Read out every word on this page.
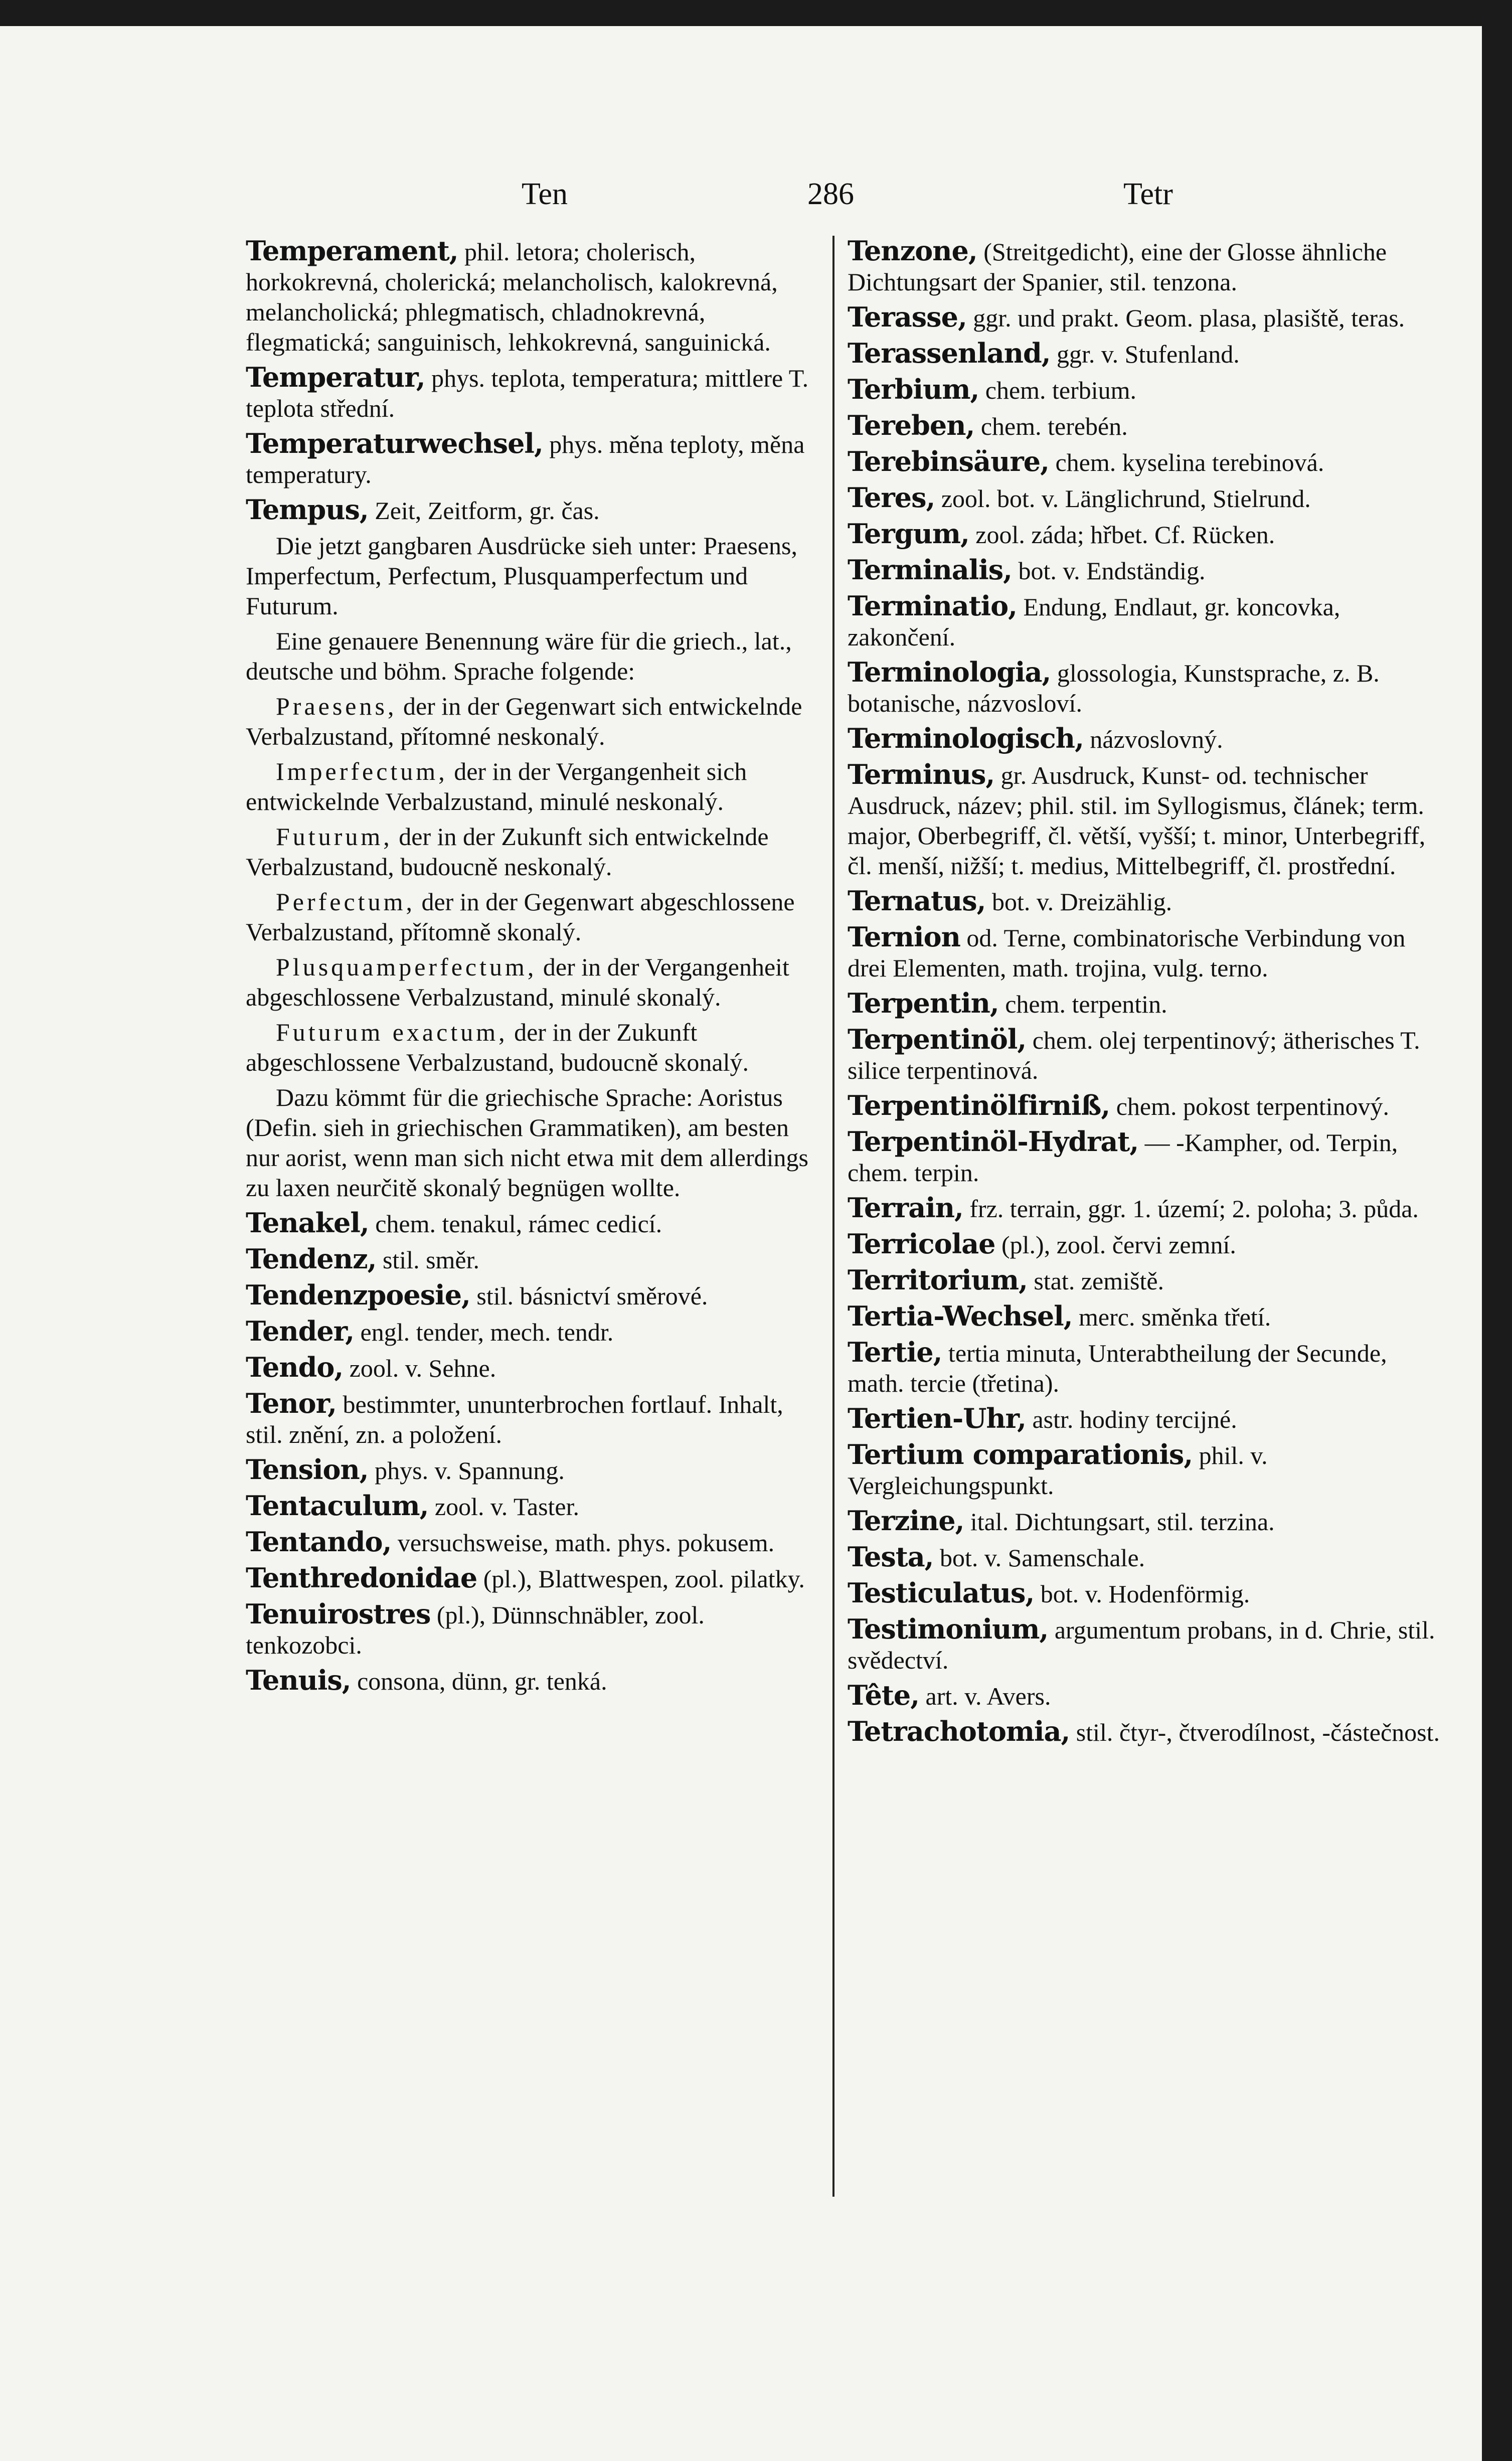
Ten	286	Tetr
Temperament, phil. letora; cholerisch, horkokrevná, cholerická; melancholisch, kalokrevná, melancholická; phlegmatisch, chladnokrevná, flegmatická; sanguinisch, lehkokrevná, sanguinická.
Temperatur, phys. teplota, temperatura; mittlere T. teplota střední.
Temperaturwechsel, phys. měna teploty, měna temperatury.
Tempus, Zeit, Zeitform, gr. čas.
Die jetzt gangbaren Ausdrücke sieh unter: Praesens, Imperfectum, Perfectum, Plusquamperfectum und Futurum.
Eine genauere Benennung wäre für die griech., lat., deutsche und böhm. Sprache folgende:
Praesens, der in der Gegenwart sich entwickelnde Verbalzustand, přítomné neskonalý.
Imperfectum, der in der Vergangenheit sich entwickelnde Verbalzustand, minulé neskonalý.
Futurum, der in der Zukunft sich entwickelnde Verbalzustand, budoucně neskonalý.
Perfectum, der in der Gegenwart abgeschlossene Verbalzustand, přítomně skonalý.
Plusquamperfectum, der in der Vergangenheit abgeschlossene Verbalzustand, minulé skonalý.
Futurum exactum, der in der Zukunft abgeschlossene Verbalzustand, budoucně skonalý.
Dazu kömmt für die griechische Sprache: Aoristus (Defin. sieh in griechischen Grammatiken), am besten nur aorist, wenn man sich nicht etwa mit dem allerdings zu laxen neurčitě skonalý begnügen wollte.
Tenakel, chem. tenakul, rámec cedicí.
Tendenz, stil. směr.
Tendenzpoesie, stil. básnictví směrové.
Tender, engl. tender, mech. tendr.
Tendo, zool. v. Sehne.
Tenor, bestimmter, ununterbrochen fortlauf. Inhalt, stil. znění, zn. a položení.
Tension, phys. v. Spannung.
Tentaculum, zool. v. Taster.
Tentando, versuchsweise, math. phys. pokusem.
Tenthredonidae (pl.), Blattwespen, zool. pilatky.
Tenuirostres (pl.), Dünnschnäbler, zool. tenkozobci.
Tenuis, consona, dünn, gr. tenká.
Tenzone, (Streitgedicht), eine der Glosse ähnliche Dichtungsart der Spanier, stil. tenzona.
Terasse, ggr. und prakt. Geom. plasa, plasiště, teras.
Terassenland, ggr. v. Stufenland.
Terbium, chem. terbium.
Tereben, chem. terebén.
Terebinsäure, chem. kyselina terebinová.
Teres, zool. bot. v. Länglichrund, Stielrund.
Tergum, zool. záda; hřbet. Cf. Rücken.
Terminalis, bot. v. Endständig.
Terminatio, Endung, Endlaut, gr. koncovka, zakončení.
Terminologia, glossologia, Kunstsprache, z. B. botanische, názvosloví.
Terminologisch, názvoslovný.
Terminus, gr. Ausdruck, Kunst- od. technischer Ausdruck, název; phil. stil. im Syllogismus, článek; term. major, Oberbegriff, čl. větší, vyšší; t. minor, Unterbegriff, čl. menší, nižší; t. medius, Mittelbegriff, čl. prostřední.
Ternatus, bot. v. Dreizählig.
Ternion od. Terne, combinatorische Verbindung von drei Elementen, math. trojina, vulg. terno.
Terpentin, chem. terpentin.
Terpentinöl, chem. olej terpentinový; ätherisches T. silice terpentinová.
Terpentinölfirniß, chem. pokost terpentinový.
Terpentinöl-Hydrat, — -Kampher, od. Terpin, chem. terpin.
Terrain, frz. terrain, ggr. 1. území; 2. poloha; 3. půda.
Terricolae (pl.), zool. červi zemní.
Territorium, stat. zemiště.
Tertia-Wechsel, merc. směnka třetí.
Tertie, tertia minuta, Unterabtheilung der Secunde, math. tercie (třetina).
Tertien-Uhr, astr. hodiny tercijné.
Tertium comparationis, phil. v. Vergleichungspunkt.
Terzine, ital. Dichtungsart, stil. terzina.
Testa, bot. v. Samenschale.
Testiculatus, bot. v. Hodenförmig.
Testimonium, argumentum probans, in d. Chrie, stil. svědectví.
Tête, art. v. Avers.
Tetrachotomia, stil. čtyr-, čtverodílnost, -částečnost.
